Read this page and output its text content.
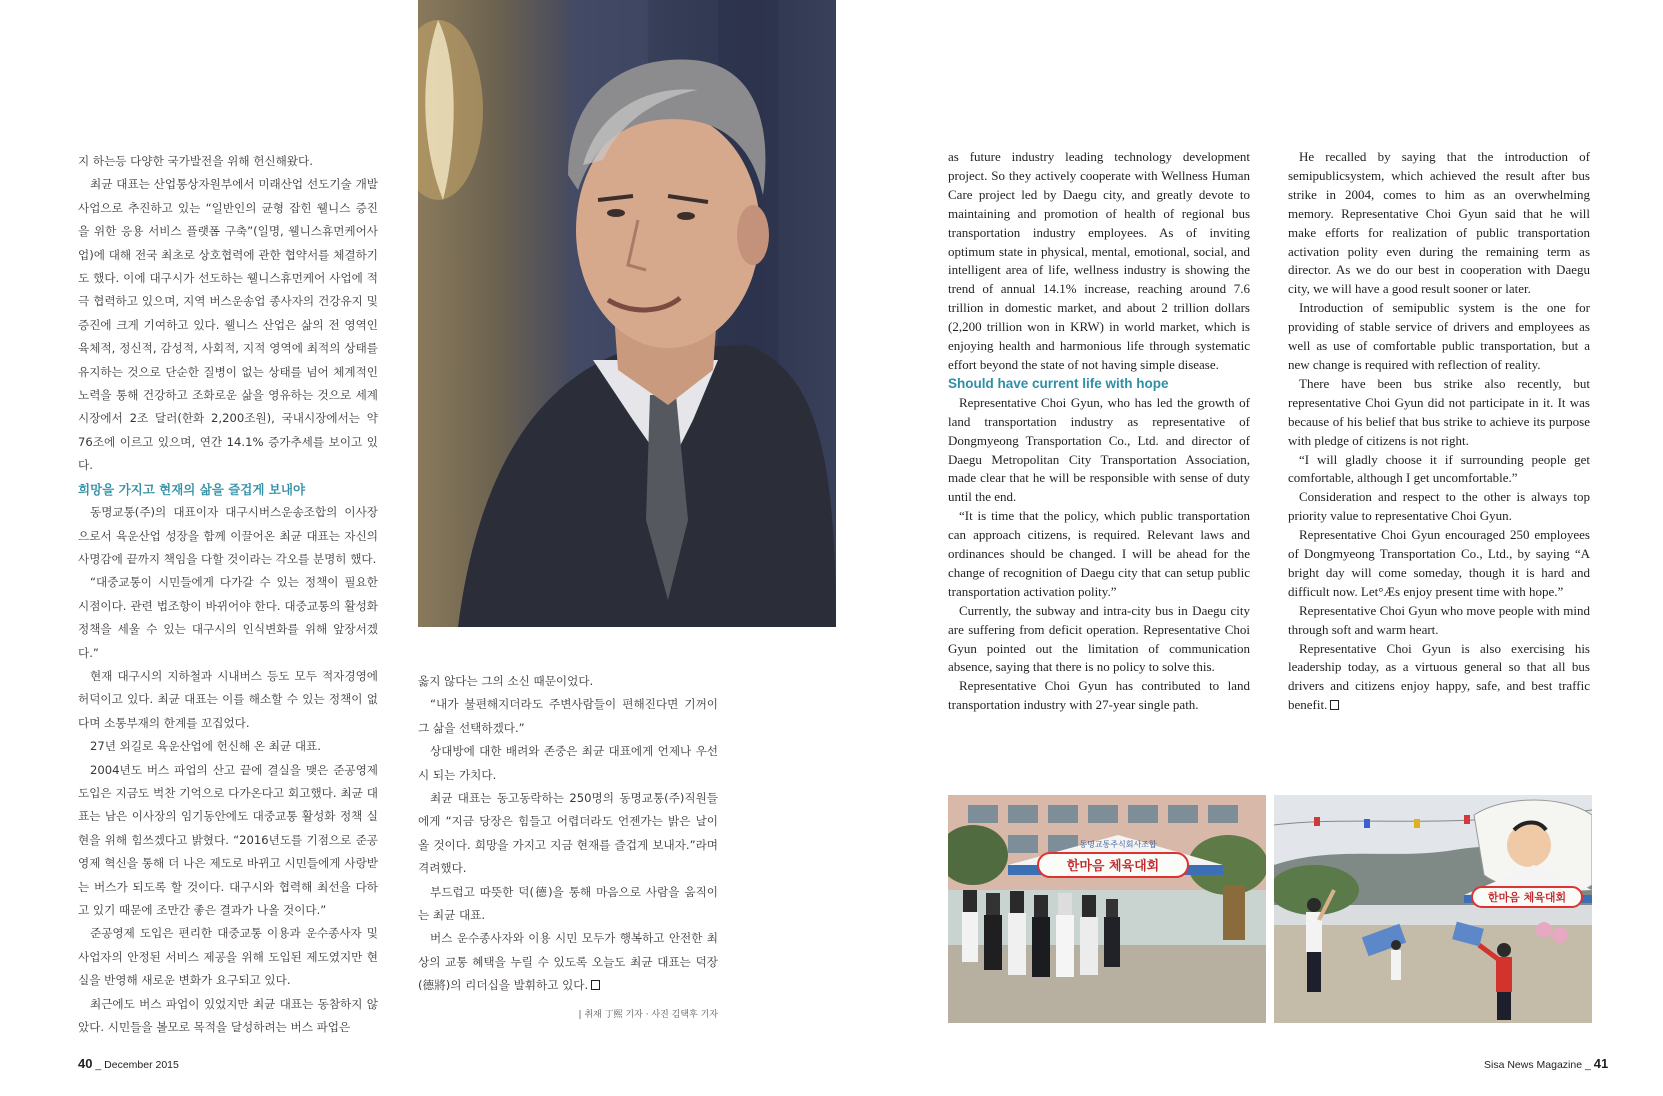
지 하는등 다양한 국가발전을 위해 헌신해왔다.

최균 대표는 산업통상자원부에서 미래산업 선도기술 개발사업으로 추진하고 있는 “일반인의 균형 잡힌 웰니스 증진을 위한 응용 서비스 플랫폼 구축”(일명, 웰니스휴먼케어사업)에 대해 전국 최초로 상호협력에 관한 협약서를 체결하기도 했다. 이에 대구시가 선도하는 웰니스휴먼케어 사업에 적극 협력하고 있으며, 지역 버스운송업 종사자의 건강유지 및 증진에 크게 기여하고 있다. 웰니스 산업은 삶의 전 영역인 육체적, 정신적, 감성적, 사회적, 지적 영역에 최적의 상태를 유지하는 것으로 단순한 질병이 없는 상태를 넘어 체계적인 노력을 통해 건강하고 조화로운 삶을 영유하는 것으로 세계 시장에서 2조 달러(한화 2,200조원), 국내시장에서는 약 76조에 이르고 있으며, 연간 14.1% 증가추세를 보이고 있다.

희망을 가지고 현재의 삶을 즐겁게 보내야

동명교통(주)의 대표이자 대구시버스운송조합의 이사장으로서 육운산업 성장을 함께 이끌어온 최균 대표는 자신의 사명감에 끝까지 책임을 다할 것이라는 각오를 분명히 했다.

“대중교통이 시민들에게 다가갈 수 있는 정책이 필요한 시점이다. 관련 법조항이 바뀌어야 한다. 대중교통의 활성화 정책을 세울 수 있는 대구시의 인식변화를 위해 앞장서겠다.”

현재 대구시의 지하철과 시내버스 등도 모두 적자경영에 허덕이고 있다. 최균 대표는 이를 해소할 수 있는 정책이 없다며 소통부재의 한계를 꼬집었다.

27년 외길로 육운산업에 헌신해 온 최균 대표.

2004년도 버스 파업의 산고 끝에 결실을 맺은 준공영제 도입은 지금도 벅찬 기억으로 다가온다고 회고했다. 최균 대표는 남은 이사장의 임기동안에도 대중교통 활성화 정책 실현을 위해 힘쓰겠다고 밝혔다. “2016년도를 기점으로 준공영제 혁신을 통해 더 나은 제도로 바뀌고 시민들에게 사랑받는 버스가 되도록 할 것이다. 대구시와 협력해 최선을 다하고 있기 때문에 조만간 좋은 결과가 나올 것이다.”

준공영제 도입은 편리한 대중교통 이용과 운수종사자 및 사업자의 안정된 서비스 제공을 위해 도입된 제도였지만 현실을 반영해 새로운 변화가 요구되고 있다.

최근에도 버스 파업이 있었지만 최균 대표는 동참하지 않았다. 시민들을 볼모로 목적을 달성하려는 버스 파업은

옳지 않다는 그의 소신 때문이었다.

“내가 불편해지더라도 주변사람들이 편해진다면 기꺼이 그 삶을 선택하겠다.”

상대방에 대한 배려와 존중은 최균 대표에게 언제나 우선시 되는 가치다.

최균 대표는 동고동락하는 250명의 동명교통(주)직원들에게 “지금 당장은 힘들고 어렵더라도 언젠가는 밝은 날이 올 것이다. 희망을 가지고 지금 현재를 즐겁게 보내자.”라며 격려했다.

부드럽고 따뜻한 덕(德)을 통해 마음으로 사람을 움직이는 최균 대표.

버스 운수종사자와 이용 시민 모두가 행복하고 안전한 최상의 교통 혜택을 누릴 수 있도록 오늘도 최균 대표는 덕장(德將)의 리더십을 발휘하고 있다.

| 취재 丁熙 기자 · 사진 김택후 기자
40 _ December 2015

as future industry leading technology development project. So they actively cooperate with Wellness Human Care project led by Daegu city, and greatly devote to maintaining and promotion of health of regional bus transportation industry employees. As of inviting optimum state in physical, mental, emotional, social, and intelligent area of life, wellness industry is showing the trend of annual 14.1% increase, reaching around 7.6 trillion in domestic market, and about 2 trillion dollars (2,200 trillion won in KRW) in world market, which is enjoying health and harmonious life through systematic effort beyond the state of not having simple disease.

Should have current life with hope

Representative Choi Gyun, who has led the growth of land transportation industry as representative of Dongmyeong Transportation Co., Ltd. and director of Daegu Metropolitan City Transportation Association, made clear that he will be responsible with sense of duty until the end.

“It is time that the policy, which public transportation can approach citizens, is required. Relevant laws and ordinances should be changed. I will be ahead for the change of recognition of Daegu city that can setup public transportation activation polity.”

Currently, the subway and intra-city bus in Daegu city are suffering from deficit operation. Representative Choi Gyun pointed out the limitation of communication absence, saying that there is no policy to solve this.

Representative Choi Gyun has contributed to land transportation industry with 27-year single path.

He recalled by saying that the introduction of semipublicsystem, which achieved the result after bus strike in 2004, comes to him as an overwhelming memory. Representative Choi Gyun said that he will make efforts for realization of public transportation activation polity even during the remaining term as director. As we do our best in cooperation with Daegu city, we will have a good result sooner or later.

Introduction of semipublic system is the one for providing of stable service of drivers and employees as well as use of comfortable public transportation, but a new change is required with reflection of reality.

There have been bus strike also recently, but representative Choi Gyun did not participate in it. It was because of his belief that bus strike to achieve its purpose with pledge of citizens is not right.

“I will gladly choose it if surrounding people get comfortable, although I get uncomfortable.”

Consideration and respect to the other is always top priority value to representative Choi Gyun.

Representative Choi Gyun encouraged 250 employees of Dongmyeong Transportation Co., Ltd., by saying “A bright day will come someday, though it is hard and difficult now. Let°Æs enjoy present time with hope.”

Representative Choi Gyun who move people with mind through soft and warm heart.

Representative Choi Gyun is also exercising his leadership today, as a virtuous general so that all bus drivers and citizens enjoy happy, safe, and best traffic benefit.

한마음 체육대회
동명교통주식회사조합
한마음 체육대회
Sisa News Magazine _ 41
